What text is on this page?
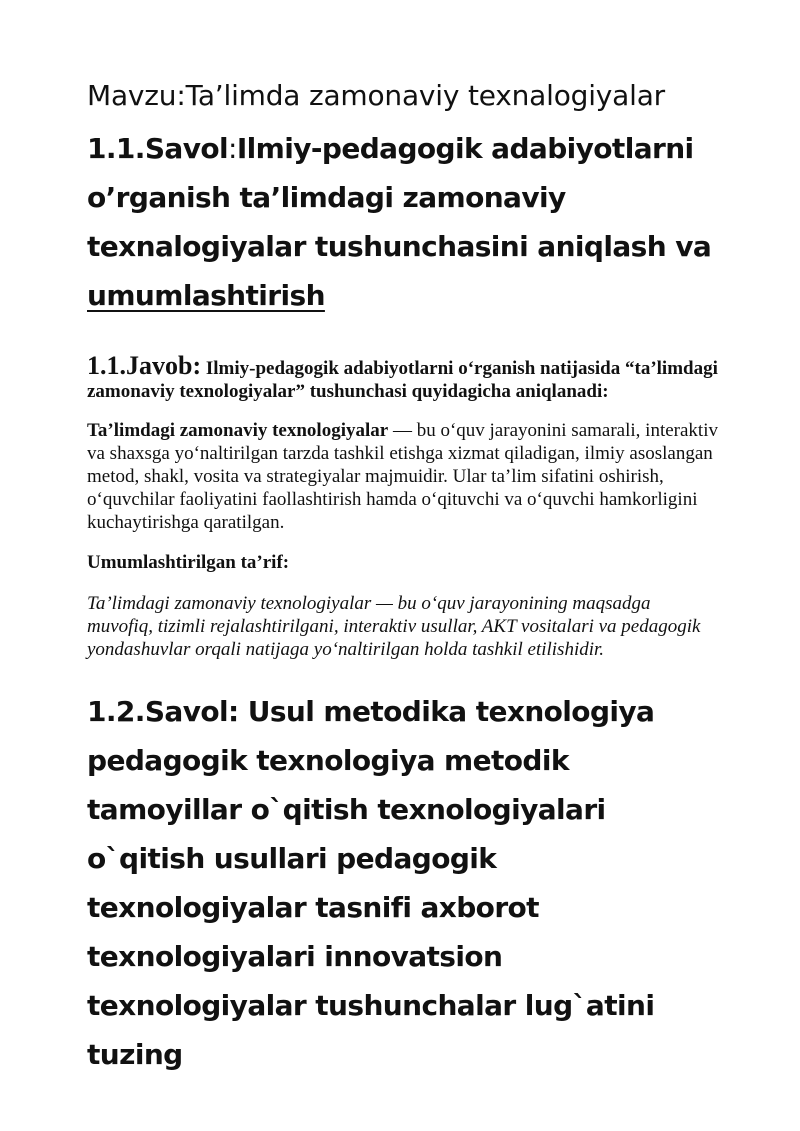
Mavzu:Ta’limda zamonaviy texnalogiyalar

1.1.Savol:Ilmiy-pedagogik adabiyotlarni o’rganish ta’limdagi zamonaviy texnalogiyalar tushunchasini aniqlash va umumlashtirish

1.1.Javob: Ilmiy-pedagogik adabiyotlarni o‘rganish natijasida “ta’limdagi zamonaviy texnologiyalar” tushunchasi quyidagicha aniqlanadi:

Ta’limdagi zamonaviy texnologiyalar — bu o‘quv jarayonini samarali, interaktiv va shaxsga yo‘naltirilgan tarzda tashkil etishga xizmat qiladigan, ilmiy asoslangan metod, shakl, vosita va strategiyalar majmuidir. Ular ta’lim sifatini oshirish, o‘quvchilar faoliyatini faollashtirish hamda o‘qituvchi va o‘quvchi hamkorligini kuchaytirishga qaratilgan.

Umumlashtirilgan ta’rif:

Ta’limdagi zamonaviy texnologiyalar — bu o‘quv jarayonining maqsadga muvofiq, tizimli rejalashtirilgani, interaktiv usullar, AKT vositalari va pedagogik yondashuvlar orqali natijaga yo‘naltirilgan holda tashkil etilishidir.

1.2.Savol: Usul metodika texnologiya pedagogik texnologiya metodik tamoyillar o`qitish texnologiyalari o`qitish usullari pedagogik texnologiyalar tasnifi axborot texnologiyalari innovatsion texnologiyalar tushunchalar lug`atini tuzing
